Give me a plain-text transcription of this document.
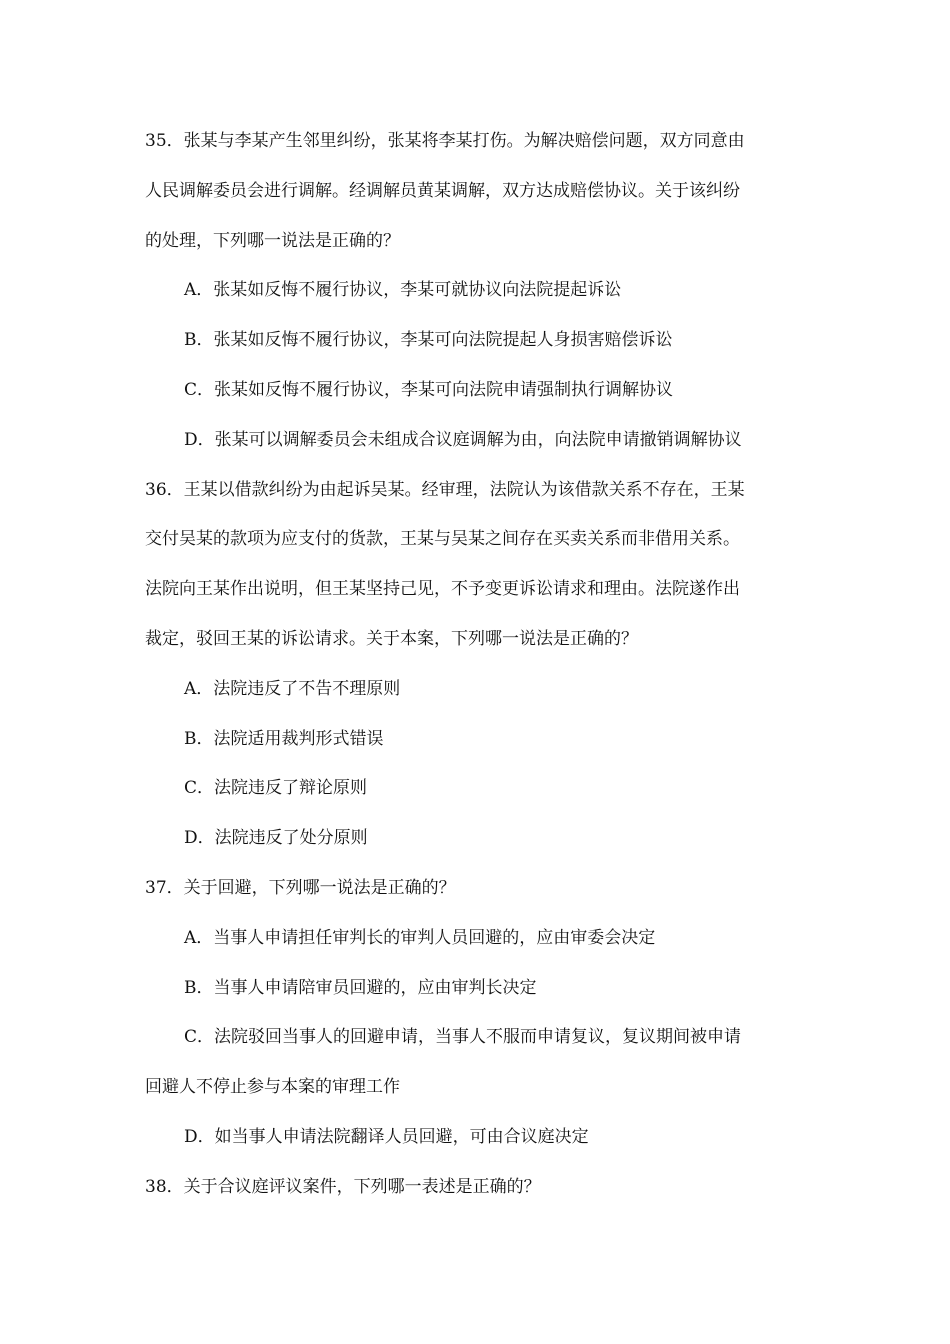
35．张某与李某产生邻里纠纷，张某将李某打伤。为解决赔偿问题，双方同意由
人民调解委员会进行调解。经调解员黄某调解，双方达成赔偿协议。关于该纠纷
的处理，下列哪一说法是正确的？
A．张某如反悔不履行协议，李某可就协议向法院提起诉讼
B．张某如反悔不履行协议，李某可向法院提起人身损害赔偿诉讼
C．张某如反悔不履行协议，李某可向法院申请强制执行调解协议
D．张某可以调解委员会未组成合议庭调解为由，向法院申请撤销调解协议
36．王某以借款纠纷为由起诉吴某。经审理，法院认为该借款关系不存在，王某
交付吴某的款项为应支付的货款，王某与吴某之间存在买卖关系而非借用关系。
法院向王某作出说明，但王某坚持己见，不予变更诉讼请求和理由。法院遂作出
裁定，驳回王某的诉讼请求。关于本案，下列哪一说法是正确的？
A．法院违反了不告不理原则
B．法院适用裁判形式错误
C．法院违反了辩论原则
D．法院违反了处分原则
37．关于回避，下列哪一说法是正确的？
A．当事人申请担任审判长的审判人员回避的，应由审委会决定
B．当事人申请陪审员回避的，应由审判长决定
C．法院驳回当事人的回避申请，当事人不服而申请复议，复议期间被申请
回避人不停止参与本案的审理工作
D．如当事人申请法院翻译人员回避，可由合议庭决定
38．关于合议庭评议案件，下列哪一表述是正确的？
